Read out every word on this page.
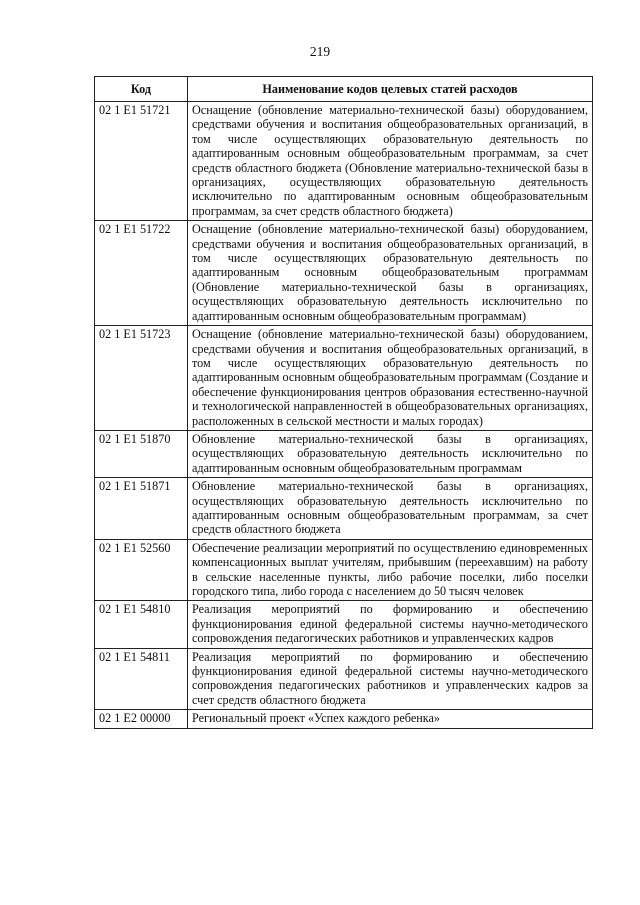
219
Код	Наименование кодов целевых статей расходов
02 1 E1 51721	Оснащение (обновление материально-технической базы) оборудованием, средствами обучения и воспитания общеобразовательных организаций, в том числе осуществляющих образовательную деятельность по адаптированным основным общеобразовательным программам, за счет средств областного бюджета (Обновление материально-технической базы в организациях, осуществляющих образовательную деятельность исключительно по адаптированным основным общеобразовательным программам, за счет средств областного бюджета)
02 1 E1 51722	Оснащение (обновление материально-технической базы) оборудованием, средствами обучения и воспитания общеобразовательных организаций, в том числе осуществляющих образовательную деятельность по адаптированным основным общеобразовательным программам (Обновление материально-технической базы в организациях, осуществляющих образовательную деятельность исключительно по адаптированным основным общеобразовательным программам)
02 1 E1 51723	Оснащение (обновление материально-технической базы) оборудованием, средствами обучения и воспитания общеобразовательных организаций, в том числе осуществляющих образовательную деятельность по адаптированным основным общеобразовательным программам (Создание и обеспечение функционирования центров образования естественно-научной и технологической направленностей в общеобразовательных организациях, расположенных в сельской местности и малых городах)
02 1 E1 51870	Обновление материально-технической базы в организациях, осуществляющих образовательную деятельность исключительно по адаптированным основным общеобразовательным программам
02 1 E1 51871	Обновление материально-технической базы в организациях, осуществляющих образовательную деятельность исключительно по адаптированным основным общеобразовательным программам, за счет средств областного бюджета
02 1 E1 52560	Обеспечение реализации мероприятий по осуществлению единовременных компенсационных выплат учителям, прибывшим (переехавшим) на работу в сельские населенные пункты, либо рабочие поселки, либо поселки городского типа, либо города с населением до 50 тысяч человек
02 1 E1 54810	Реализация мероприятий по формированию и обеспечению функционирования единой федеральной системы научно-методического сопровождения педагогических работников и управленческих кадров
02 1 E1 54811	Реализация мероприятий по формированию и обеспечению функционирования единой федеральной системы научно-методического сопровождения педагогических работников и управленческих кадров за счет средств областного бюджета
02 1 E2 00000	Региональный проект «Успех каждого ребенка»
